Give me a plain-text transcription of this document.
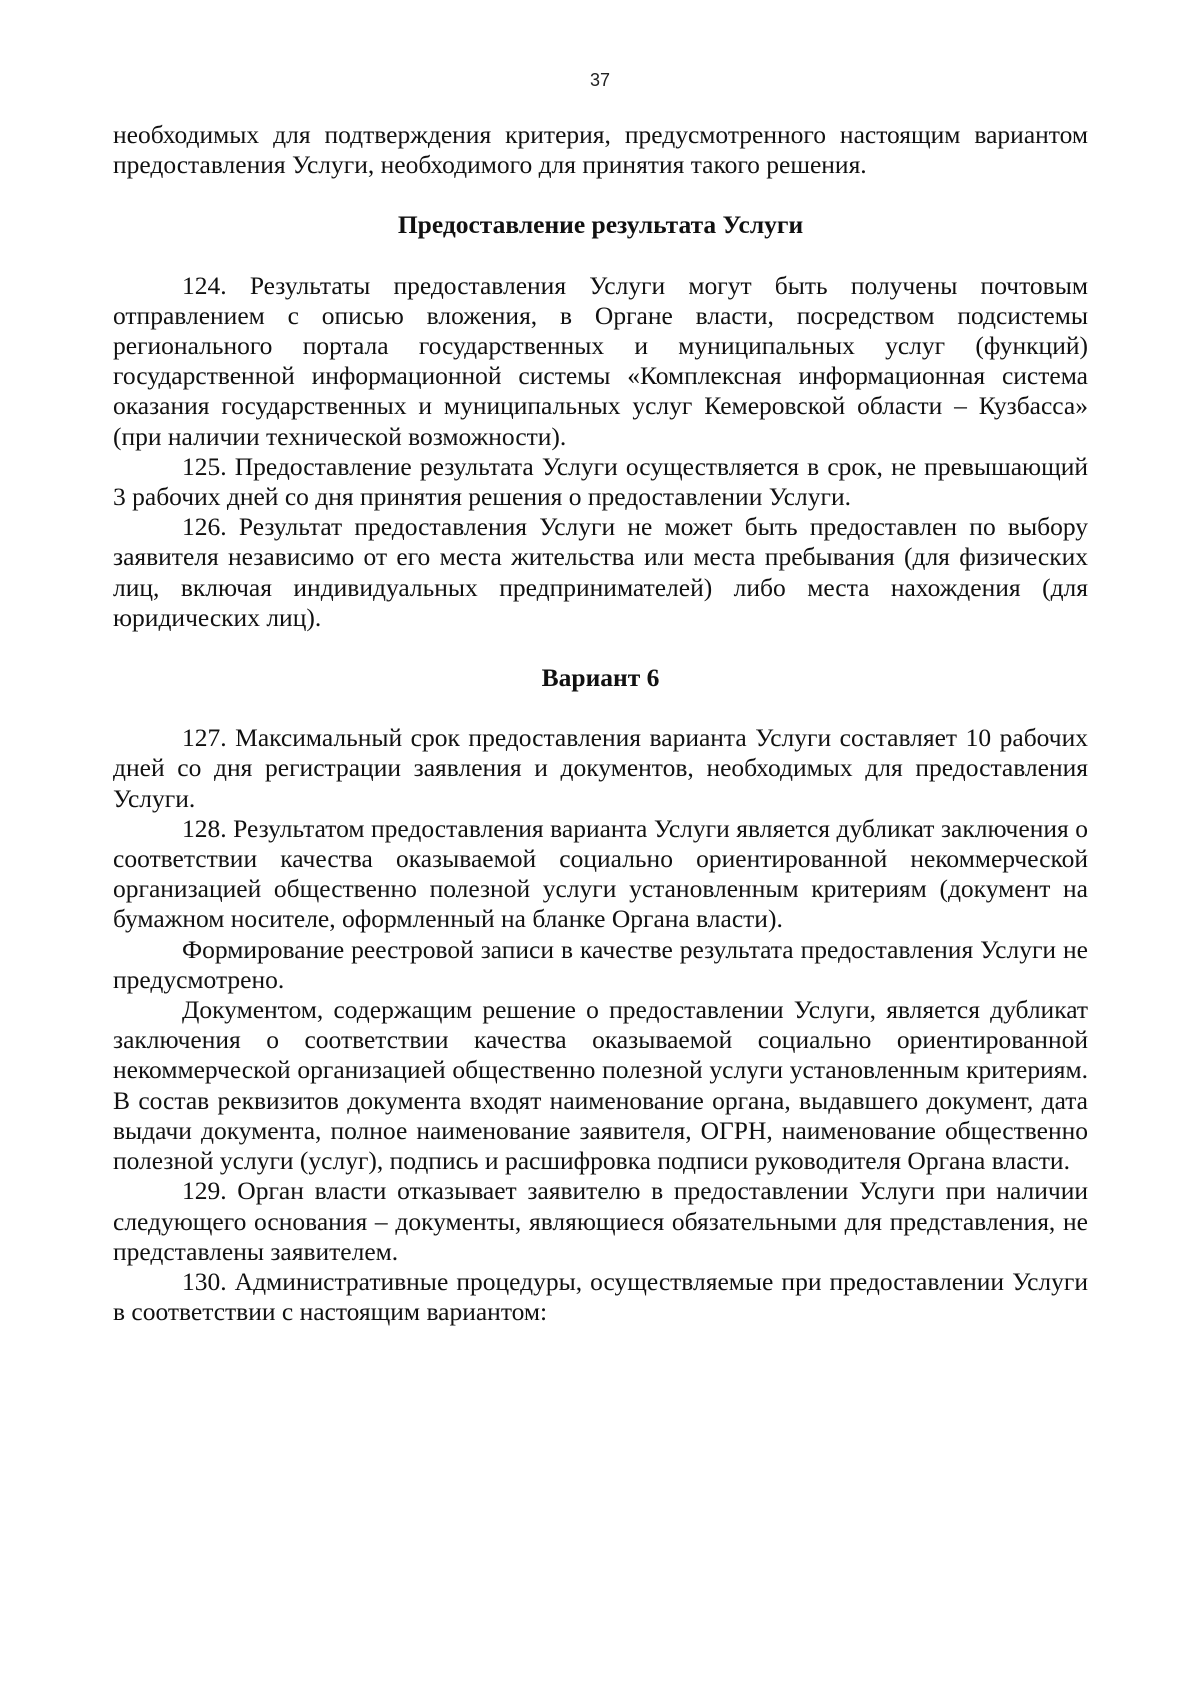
37

необходимых для подтверждения критерия, предусмотренного настоящим вариантом предоставления Услуги, необходимого для принятия такого решения.

Предоставление результата Услуги

124. Результаты предоставления Услуги могут быть получены почтовым отправлением с описью вложения, в Органе власти, посредством подсистемы регионального портала государственных и муниципальных услуг (функций) государственной информационной системы «Комплексная информационная система оказания государственных и муниципальных услуг Кемеровской области – Кузбасса» (при наличии технической возможности).

125. Предоставление результата Услуги осуществляется в срок, не превышающий 3 рабочих дней со дня принятия решения о предоставлении Услуги.

126. Результат предоставления Услуги не может быть предоставлен по выбору заявителя независимо от его места жительства или места пребывания (для физических лиц, включая индивидуальных предпринимателей) либо места нахождения (для юридических лиц).

Вариант 6

127. Максимальный срок предоставления варианта Услуги составляет 10 рабочих дней со дня регистрации заявления и документов, необходимых для предоставления Услуги.

128. Результатом предоставления варианта Услуги является дубликат заключения о соответствии качества оказываемой социально ориентированной некоммерческой организацией общественно полезной услуги установленным критериям (документ на бумажном носителе, оформленный на бланке Органа власти).

Формирование реестровой записи в качестве результата предоставления Услуги не предусмотрено.

Документом, содержащим решение о предоставлении Услуги, является дубликат заключения о соответствии качества оказываемой социально ориентированной некоммерческой организацией общественно полезной услуги установленным критериям. В состав реквизитов документа входят наименование органа, выдавшего документ, дата выдачи документа, полное наименование заявителя, ОГРН, наименование общественно полезной услуги (услуг), подпись и расшифровка подписи руководителя Органа власти.

129. Орган власти отказывает заявителю в предоставлении Услуги при наличии следующего основания – документы, являющиеся обязательными для представления, не представлены заявителем.

130. Административные процедуры, осуществляемые при предоставлении Услуги в соответствии с настоящим вариантом:
